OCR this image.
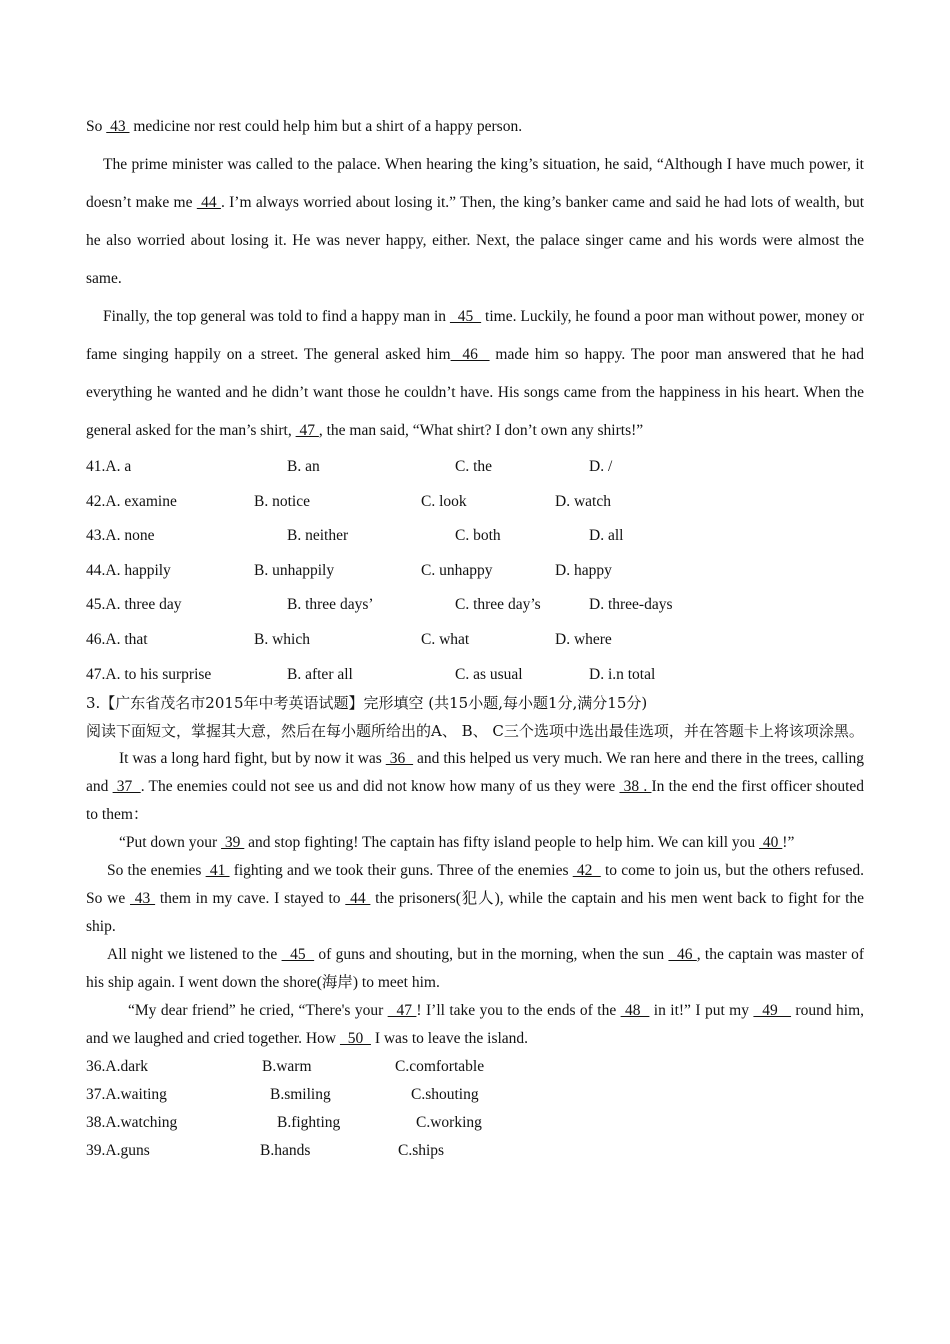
So  43  medicine nor rest could help him but a shirt of a happy person.

The prime minister was called to the palace. When hearing the king’s situation, he said, “Although I have much power, it doesn’t make me  44 . I’m always worried about losing it.” Then, the king’s banker came and said he had lots of wealth, but he also worried about losing it. He was never happy, either. Next, the palace singer came and his words were almost the same.

Finally, the top general was told to find a happy man in   45   time. Luckily, he found a poor man without power, money or fame singing happily on a street. The general asked him  46   made him so happy. The poor man answered that he had everything he wanted and he didn’t want those he couldn’t have. His songs came from the happiness in his heart. When the general asked for the man’s shirt,  47 , the man said, “What shirt? I don’t own any shirts!”

41.A. a	B. an	C. the	D. /
42.A. examine	B. notice	C. look	D. watch
43.A. none	B. neither	C. both	D. all
44.A. happily	B. unhappily	C. unhappy	D. happy
45.A. three day	B. three days’	C. three day’s	D. three-days
46.A. that	B. which	C. what	D. where
47.A. to his surprise	B. after all	C. as usual	D. i.n total

3.【广东省茂名市2015年中考英语试题】完形填空 (共15小题,每小题1分,满分15分)

阅读下面短文，掌握其大意，然后在每小题所给出的A、 B、 C三个选项中选出最佳选项，并在答题卡上将该项涂黑。

It was a long hard fight, but by now it was  36   and this helped us very much. We ran here and there in the trees, calling and  37  . The enemies could not see us and did not know how many of us they were  38 . In the end the first officer shouted to them：

“Put down your  39  and stop fighting! The captain has fifty island people to help him. We can kill you  40 !”

So the enemies  41  fighting and we took their guns. Three of the enemies  42   to come to join us, but the others refused. So we  43  them in my cave. I stayed to  44  the prisoners(犯人), while the captain and his men went back to fight for the ship.

All night we listened to the   45   of guns and shouting, but in the morning, when the sun   46 , the captain was master of his ship again. I went down the shore(海岸) to meet him.

“My dear friend” he cried, “There's your   47 ! I’ll take you to the ends of the  48   in it!” I put my   49    round him, and we laughed and cried together. How   50   I was to leave the island.

36.A.dark	B.warm	C.comfortable
37.A.waiting	B.smiling	C.shouting
38.A.watching	B.fighting	C.working
39.A.guns	B.hands	C.ships
